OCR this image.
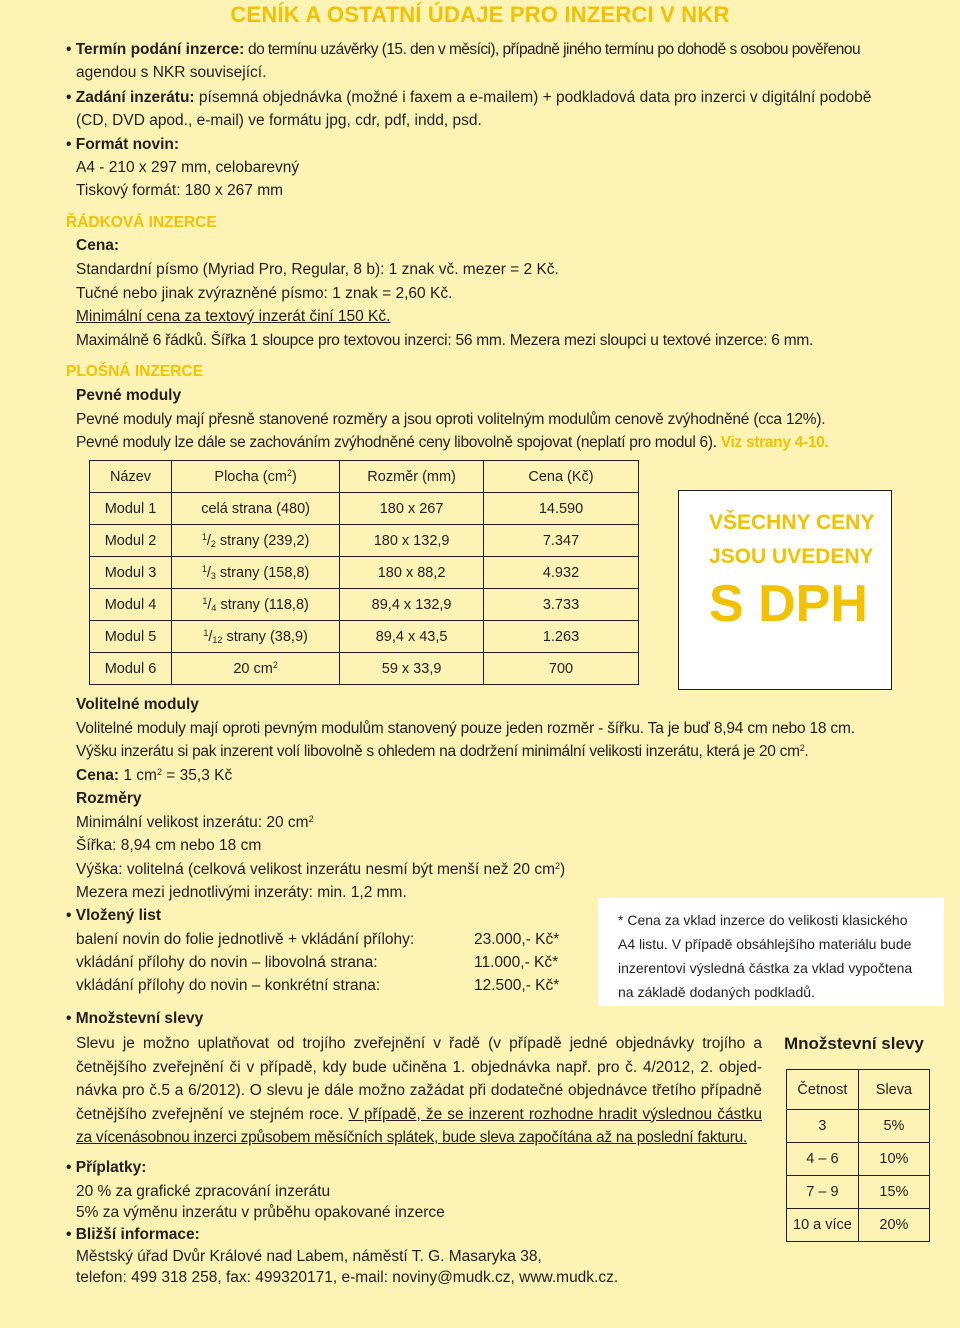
CENÍK A OSTATNÍ ÚDAJE PRO INZERCI V NKR
• Termín podání inzerce: do termínu uzávěrky (15. den v měsíci), případně jiného termínu po dohodě s osobou pověřenou
agendou s NKR související.
• Zadání inzerátu: písemná objednávka (možné i faxem a e-mailem) + podkladová data pro inzerci v digitální podobě
(CD, DVD apod., e-mail) ve formátu jpg, cdr, pdf, indd, psd.
• Formát novin:
A4 - 210 x 297 mm, celobarevný
Tiskový formát: 180 x 267 mm
ŘÁDKOVÁ INZERCE
Cena:
Standardní písmo (Myriad Pro, Regular, 8 b): 1 znak vč. mezer = 2 Kč.
Tučné nebo jinak zvýrazněné písmo: 1 znak = 2,60 Kč.
Minimální cena za textový inzerát činí 150 Kč.
Maximálně 6 řádků. Šířka 1 sloupce pro textovou inzerci: 56 mm. Mezera mezi sloupci u textové inzerce: 6 mm.
PLOŠNÁ INZERCE
Pevné moduly
Pevné moduly mají přesně stanovené rozměry a jsou oproti volitelným modulům cenově zvýhodněné (cca 12%).
Pevné moduly lze dále se zachováním zvýhodněné ceny libovolně spojovat (neplatí pro modul 6). Viz strany 4-10.
Název	Plocha $(cm^2)$	Rozměr (mm)	Cena (Kč)
Modul 1	celá strana (480)	180 x 267	14.590
Modul 2	$^1/_2$ strany (239,2)	180 x 132,9	7.347
Modul 3	$^1/_3$ strany (158,8)	180 x 88,2	4.932
Modul 4	$^1/_4$ strany (118,8)	89,4 x 132,9	3.733
Modul 5	$^1/_{12}$ strany (38,9)	89,4 x 43,5	1.263
Modul 6	20 $cm^2$	59 x 33,9	700
VŠECHNY CENY
JSOU UVEDENY
S DPH
Volitelné moduly
Volitelné moduly mají oproti pevným modulům stanovený pouze jeden rozměr - šířku. Ta je buď 8,94 cm nebo 18 cm.
Výšku inzerátu si pak inzerent volí libovolně s ohledem na dodržení minimální velikosti inzerátu, která je 20 $cm^2$.
Cena: 1 $cm^2 = 35,3$ Kč
Rozměry
Minimální velikost inzerátu: 20 $cm^2$
Šířka: 8,94 cm nebo 18 cm
Výška: volitelná (celková velikost inzerátu nesmí být menší než 20 $cm^2$)
Mezera mezi jednotlivými inzeráty: min. 1,2 mm.
• Vložený list
balení novin do folie jednotlivě + vkládání přílohy:	23.000,- Kč*
vkládání přílohy do novin – libovolná strana:	11.000,- Kč*
vkládání přílohy do novin – konkrétní strana:	12.500,- Kč*
* Cena za vklad inzerce do velikosti klasického
A4 listu. V případě obsáhlejšího materiálu bude
inzerentovi výsledná částka za vklad vypočtena
na základě dodaných podkladů.
• Množstevní slevy
Slevu je možno uplatňovat od trojího zveřejnění v řadě (v případě jedné objednávky trojího a
četnějšího zveřejnění či v případě, kdy bude učiněna 1. objednávka např. pro č. 4/2012, 2. objed-
návka pro č.5 a 6/2012). O slevu je dále možno zažádat při dodatečné objednávce třetího případně
četnějšího zveřejnění ve stejném roce. V případě, že se inzerent rozhodne hradit výslednou částku
za vícenásobnou inzerci způsobem měsíčních splátek, bude sleva započítána až na poslední fakturu.
Množstevní slevy
Četnost	Sleva
3	5%
4 – 6	10%
7 – 9	15%
10 a více	20%
• Příplatky:
20 % za grafické zpracování inzerátu
5% za výměnu inzerátu v průběhu opakované inzerce
• Bližší informace:
Městský úřad Dvůr Králové nad Labem, náměstí T. G. Masaryka 38,
telefon: 499 318 258, fax: 499320171, e-mail: noviny@mudk.cz, www.mudk.cz.
